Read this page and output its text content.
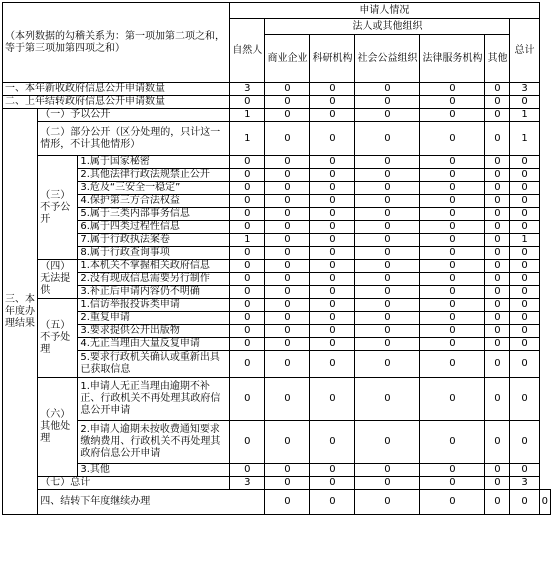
（本列数据的勾稽关系为：第一项加第二项之和，等于第三项加第四项之和）			申请人情况							
			自然人	法人或其他组织					总计	
				商业企业	科研机构	社会公益组织	法律服务机构	其他		
一、本年新收政府信息公开申请数量			3	0	0	0	0	0	3	
二、上年结转政府信息公开申请数量			0	0	0	0	0	0	0	
三、本年度办理结果	（一）予以公开		1	0	0	0	0	0	1	
	（二）部分公开（区分处理的，只计这一情形，不计其他情形）		1	0	0	0	0	0	1	
	（三）不予公开	1.属于国家秘密	0	0	0	0	0	0	0	
		2.其他法律行政法规禁止公开	0	0	0	0	0	0	0	
		3.危及“三安全一稳定”	0	0	0	0	0	0	0	
		4.保护第三方合法权益	0	0	0	0	0	0	0	
		5.属于三类内部事务信息	0	0	0	0	0	0	0	
		6.属于四类过程性信息	0	0	0	0	0	0	0	
		7.属于行政执法案卷	1	0	0	0	0	0	1	
		8.属于行政查询事项	0	0	0	0	0	0	0	
	（四）无法提供	1.本机关不掌握相关政府信息	0	0	0	0	0	0	0	
		2.没有现成信息需要另行制作	0	0	0	0	0	0	0	
		3.补正后申请内容仍不明确	0	0	0	0	0	0	0	
	（五）不予处理	1.信访举报投诉类申请	0	0	0	0	0	0	0	
		2.重复申请	0	0	0	0	0	0	0	
		3.要求提供公开出版物	0	0	0	0	0	0	0	
		4.无正当理由大量反复申请	0	0	0	0	0	0	0	
		5.要求行政机关确认或重新出具已获取信息	0	0	0	0	0	0	0	
	（六）其他处理	1.申请人无正当理由逾期不补正、行政机关不再处理其政府信息公开申请	0	0	0	0	0	0	0	
		2.申请人逾期未按收费通知要求缴纳费用、行政机关不再处理其政府信息公开申请	0	0	0	0	0	0	0	
		3.其他	0	0	0	0	0	0	0	
	（七）总计		3	0	0	0	0	0	3	
	四、结转下年度继续办理			0	0	0	0	0	0	0
